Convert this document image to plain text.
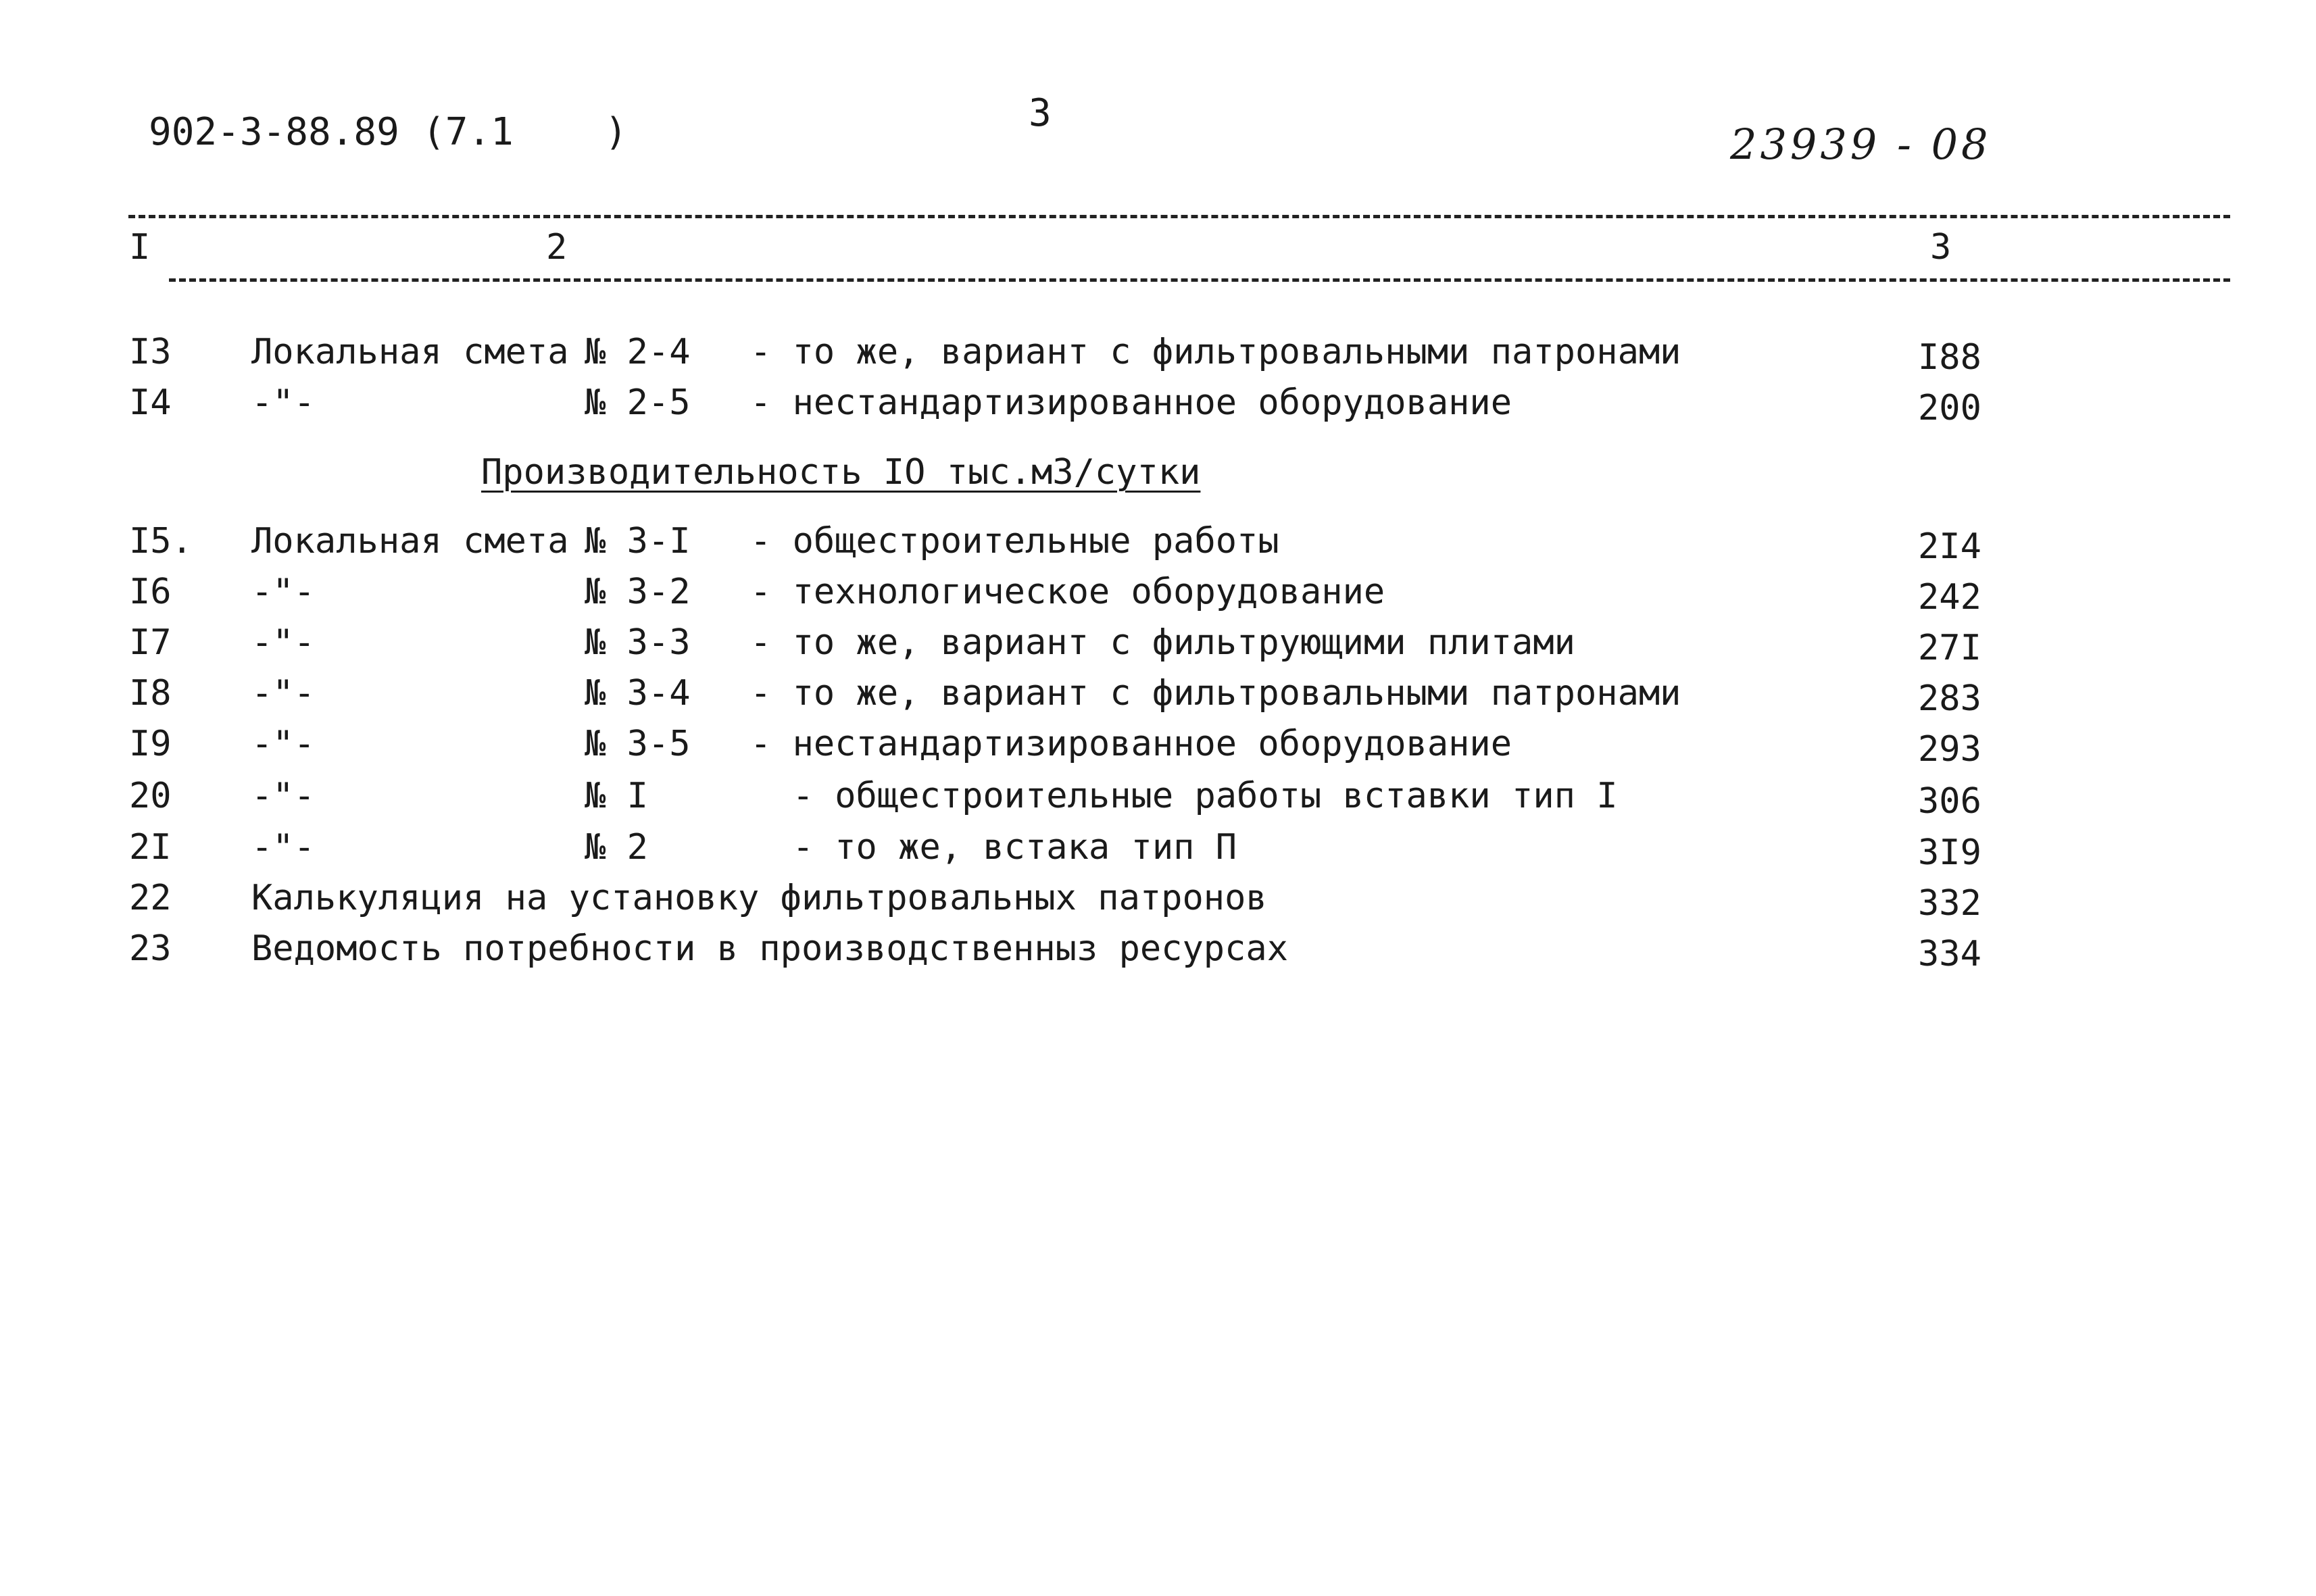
902-3-88.89 (7.1    )	3
23939 - 08
I	2	3
I3 Локальная смета № 2-4 - то же, вариант с фильтровальными патронами	I88
I4 -"-	№ 2-5 - нестандартизированное оборудование	200
Производительность IO тыс.м3/сутки
I5. Локальная смета № 3-I - общестроительные работы	2I4
I6 -"-	№ 3-2 - технологическое оборудование	242
I7 -"-	№ 3-3 - то же, вариант с фильтрующими плитами	27I
I8 -"-	№ 3-4 - то же, вариант с фильтровальными патронами	283
I9 -"-	№ 3-5 - нестандартизированное оборудование	293
20 -"-	№ I	- общестроительные работы вставки тип I	306
2I -"-	№ 2	- то же, встака тип П	3I9
22 Калькуляция на установку фильтровальных патронов	332
23 Ведомость потребности в производственныз ресурсах	334
